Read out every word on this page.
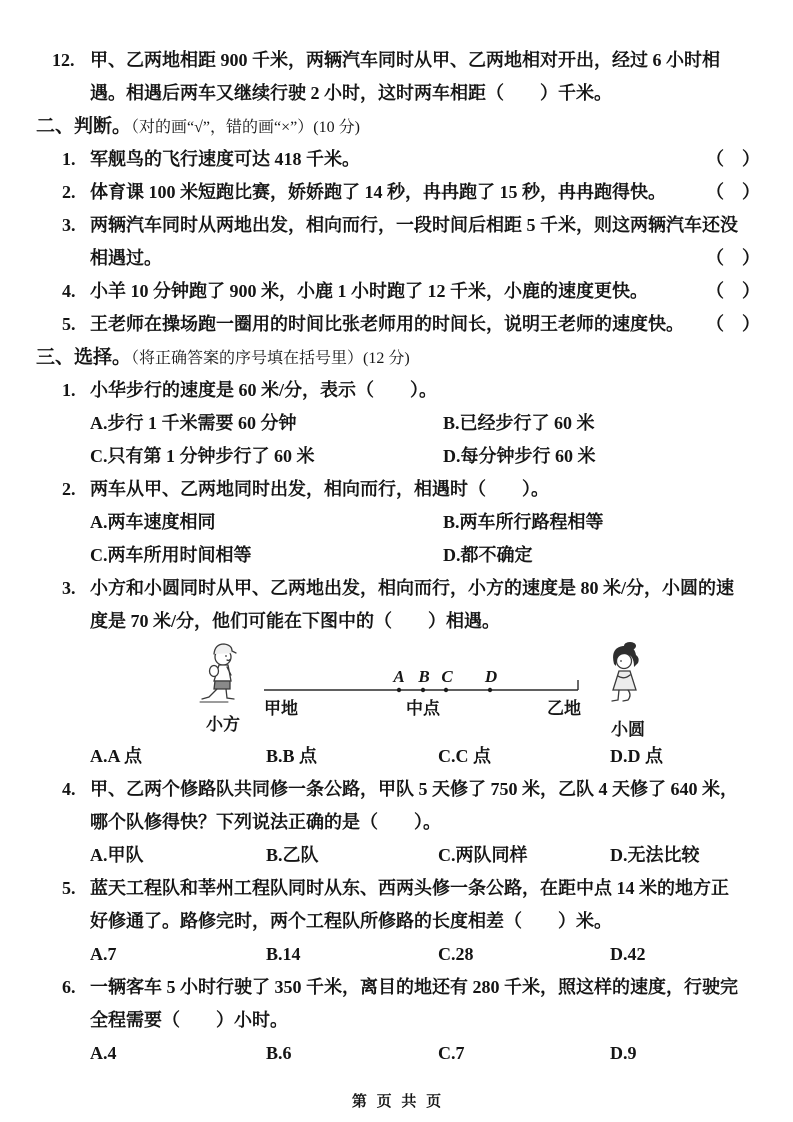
12. 甲、乙两地相距 900 千米，两辆汽车同时从甲、乙两地相对开出，经过 6 小时相
遇。相遇后两车又继续行驶 2 小时，这时两车相距（　　）千米。
二、判断。（对的画“√”，错的画“×”）(10 分)
1. 军舰鸟的飞行速度可达 418 千米。	（　）
2. 体育课 100 米短跑比赛，娇娇跑了 14 秒，冉冉跑了 15 秒，冉冉跑得快。	（　）
3. 两辆汽车同时从两地出发，相向而行，一段时间后相距 5 千米，则这两辆汽车还没
相遇过。	（　）
4. 小羊 10 分钟跑了 900 米，小鹿 1 小时跑了 12 千米，小鹿的速度更快。	（　）
5. 王老师在操场跑一圈用的时间比张老师用的时间长，说明王老师的速度快。	（　）
三、选择。（将正确答案的序号填在括号里）(12 分)
1. 小华步行的速度是 60 米/分，表示（　　）。
A.步行 1 千米需要 60 分钟	B.已经步行了 60 米
C.只有第 1 分钟步行了 60 米	D.每分钟步行 60 米
2. 两车从甲、乙两地同时出发，相向而行，相遇时（　　）。
A.两车速度相同	B.两车所行路程相等
C.两车所用时间相等	D.都不确定
3. 小方和小圆同时从甲、乙两地出发，相向而行，小方的速度是 80 米/分，小圆的速
度是 70 米/分，他们可能在下图中的（　　）相遇。
小方
A B C D
甲地	中点	乙地
小圆
A.A 点	B.B 点	C.C 点	D.D 点
4. 甲、乙两个修路队共同修一条公路，甲队 5 天修了 750 米，乙队 4 天修了 640 米，
哪个队修得快？下列说法正确的是（　　）。
A.甲队	B.乙队	C.两队同样	D.无法比较
5. 蓝天工程队和莘州工程队同时从东、西两头修一条公路，在距中点 14 米的地方正
好修通了。路修完时，两个工程队所修路的长度相差（　　）米。
A.7	B.14	C.28	D.42
6. 一辆客车 5 小时行驶了 350 千米，离目的地还有 280 千米，照这样的速度，行驶完
全程需要（　　）小时。
A.4	B.6	C.7	D.9
第 页 共 页
